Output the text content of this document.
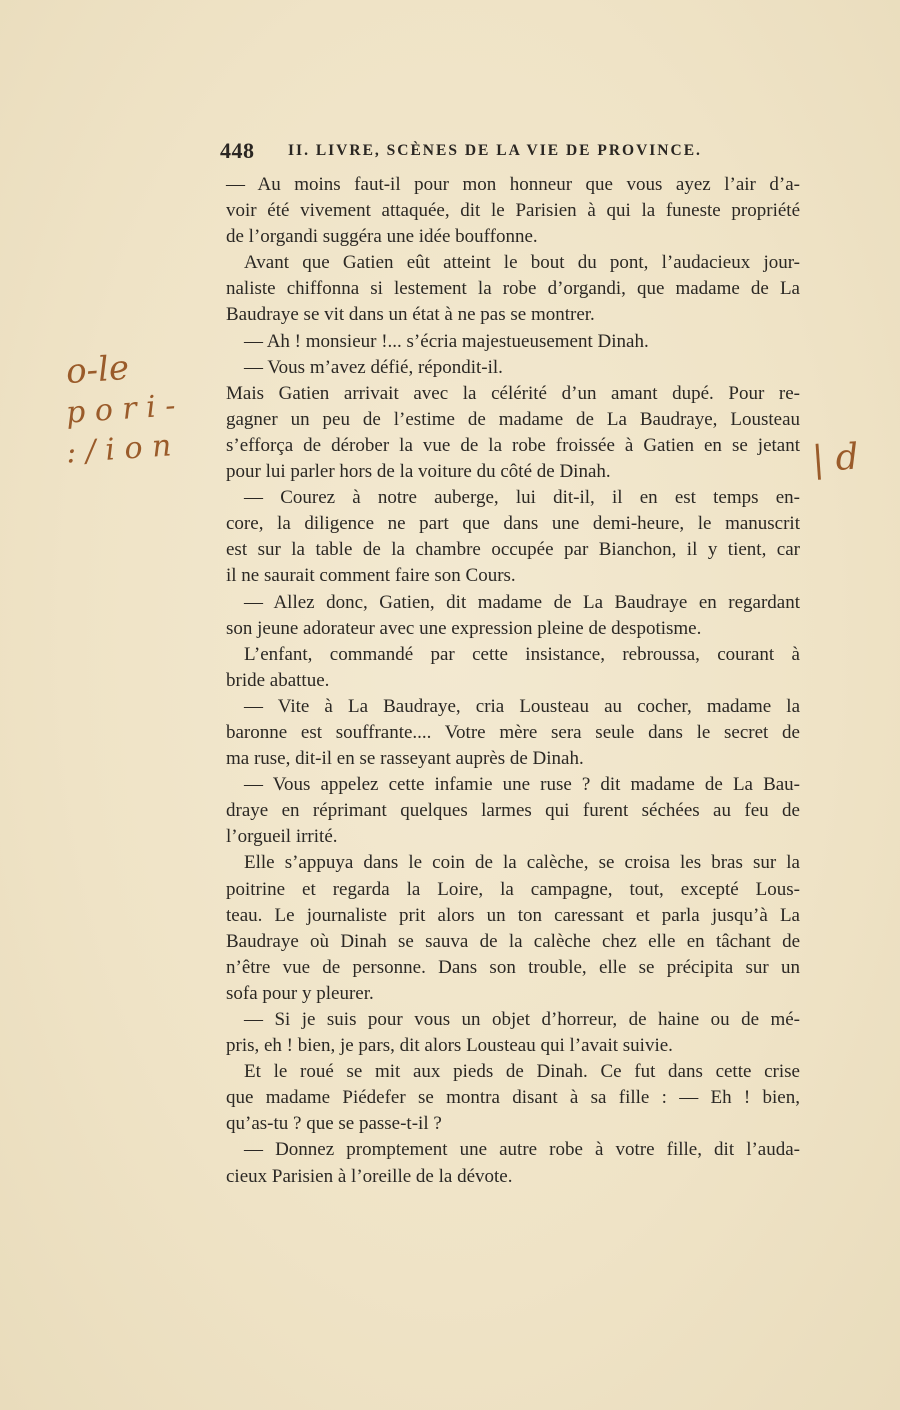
448 II. LIVRE, SCÈNES DE LA VIE DE PROVINCE.
— Au moins faut-il pour mon honneur que vous ayez l’air d’a-
voir été vivement attaquée, dit le Parisien à qui la funeste propriété
de l’organdi suggéra une idée bouffonne.
Avant que Gatien eût atteint le bout du pont, l’audacieux jour-
naliste chiffonna si lestement la robe d’organdi, que madame de La
Baudraye se vit dans un état à ne pas se montrer.
— Ah ! monsieur !... s’écria majestueusement Dinah.
— Vous m’avez défié, répondit-il.
Mais Gatien arrivait avec la célérité d’un amant dupé. Pour re-
gagner un peu de l’estime de madame de La Baudraye, Lousteau
s’efforça de dérober la vue de la robe froissée à Gatien en se jetant
pour lui parler hors de la voiture du côté de Dinah.
— Courez à notre auberge, lui dit-il, il en est temps en-
core, la diligence ne part que dans une demi-heure, le manuscrit
est sur la table de la chambre occupée par Bianchon, il y tient, car
il ne saurait comment faire son Cours.
— Allez donc, Gatien, dit madame de La Baudraye en regardant
son jeune adorateur avec une expression pleine de despotisme.
L’enfant, commandé par cette insistance, rebroussa, courant à
bride abattue.
— Vite à La Baudraye, cria Lousteau au cocher, madame la
baronne est souffrante.... Votre mère sera seule dans le secret de
ma ruse, dit-il en se rasseyant auprès de Dinah.
— Vous appelez cette infamie une ruse ? dit madame de La Bau-
draye en réprimant quelques larmes qui furent séchées au feu de
l’orgueil irrité.
Elle s’appuya dans le coin de la calèche, se croisa les bras sur la
poitrine et regarda la Loire, la campagne, tout, excepté Lous-
teau. Le journaliste prit alors un ton caressant et parla jusqu’à La
Baudraye où Dinah se sauva de la calèche chez elle en tâchant de
n’être vue de personne. Dans son trouble, elle se précipita sur un
sofa pour y pleurer.
— Si je suis pour vous un objet d’horreur, de haine ou de mé-
pris, eh ! bien, je pars, dit alors Lousteau qui l’avait suivie.
Et le roué se mit aux pieds de Dinah. Ce fut dans cette crise
que madame Piédefer se montra disant à sa fille : — Eh ! bien,
qu’as-tu ? que se passe-t-il ?
— Donnez promptement une autre robe à votre fille, dit l’auda-
cieux Parisien à l’oreille de la dévote.
o-le
p o r i -
: / i o n	| d
